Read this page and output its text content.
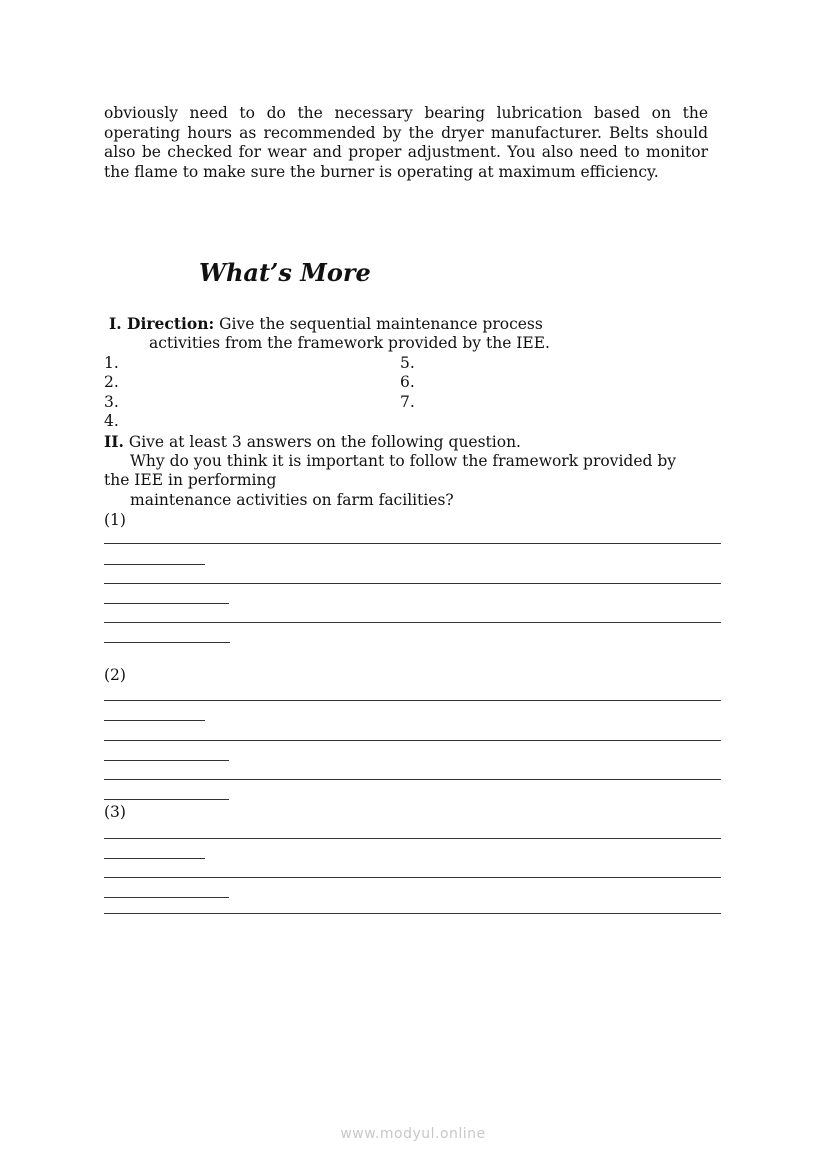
obviously need to do the necessary bearing lubrication based on the operating hours as recommended by the dryer manufacturer. Belts should also be checked for wear and proper adjustment. You also need to monitor the flame to make sure the burner is operating at maximum efficiency.

What’s More
I. Direction: Give the sequential maintenance process
activities from the framework provided by the IEE.
1.
2.
3.
4.
5.
6.
7.
II. Give at least 3 answers on the following question.
Why do you think it is important to follow the framework provided by
the IEE in performing
maintenance activities on farm facilities?
(1)
(2)
(3)
www.modyul.online
